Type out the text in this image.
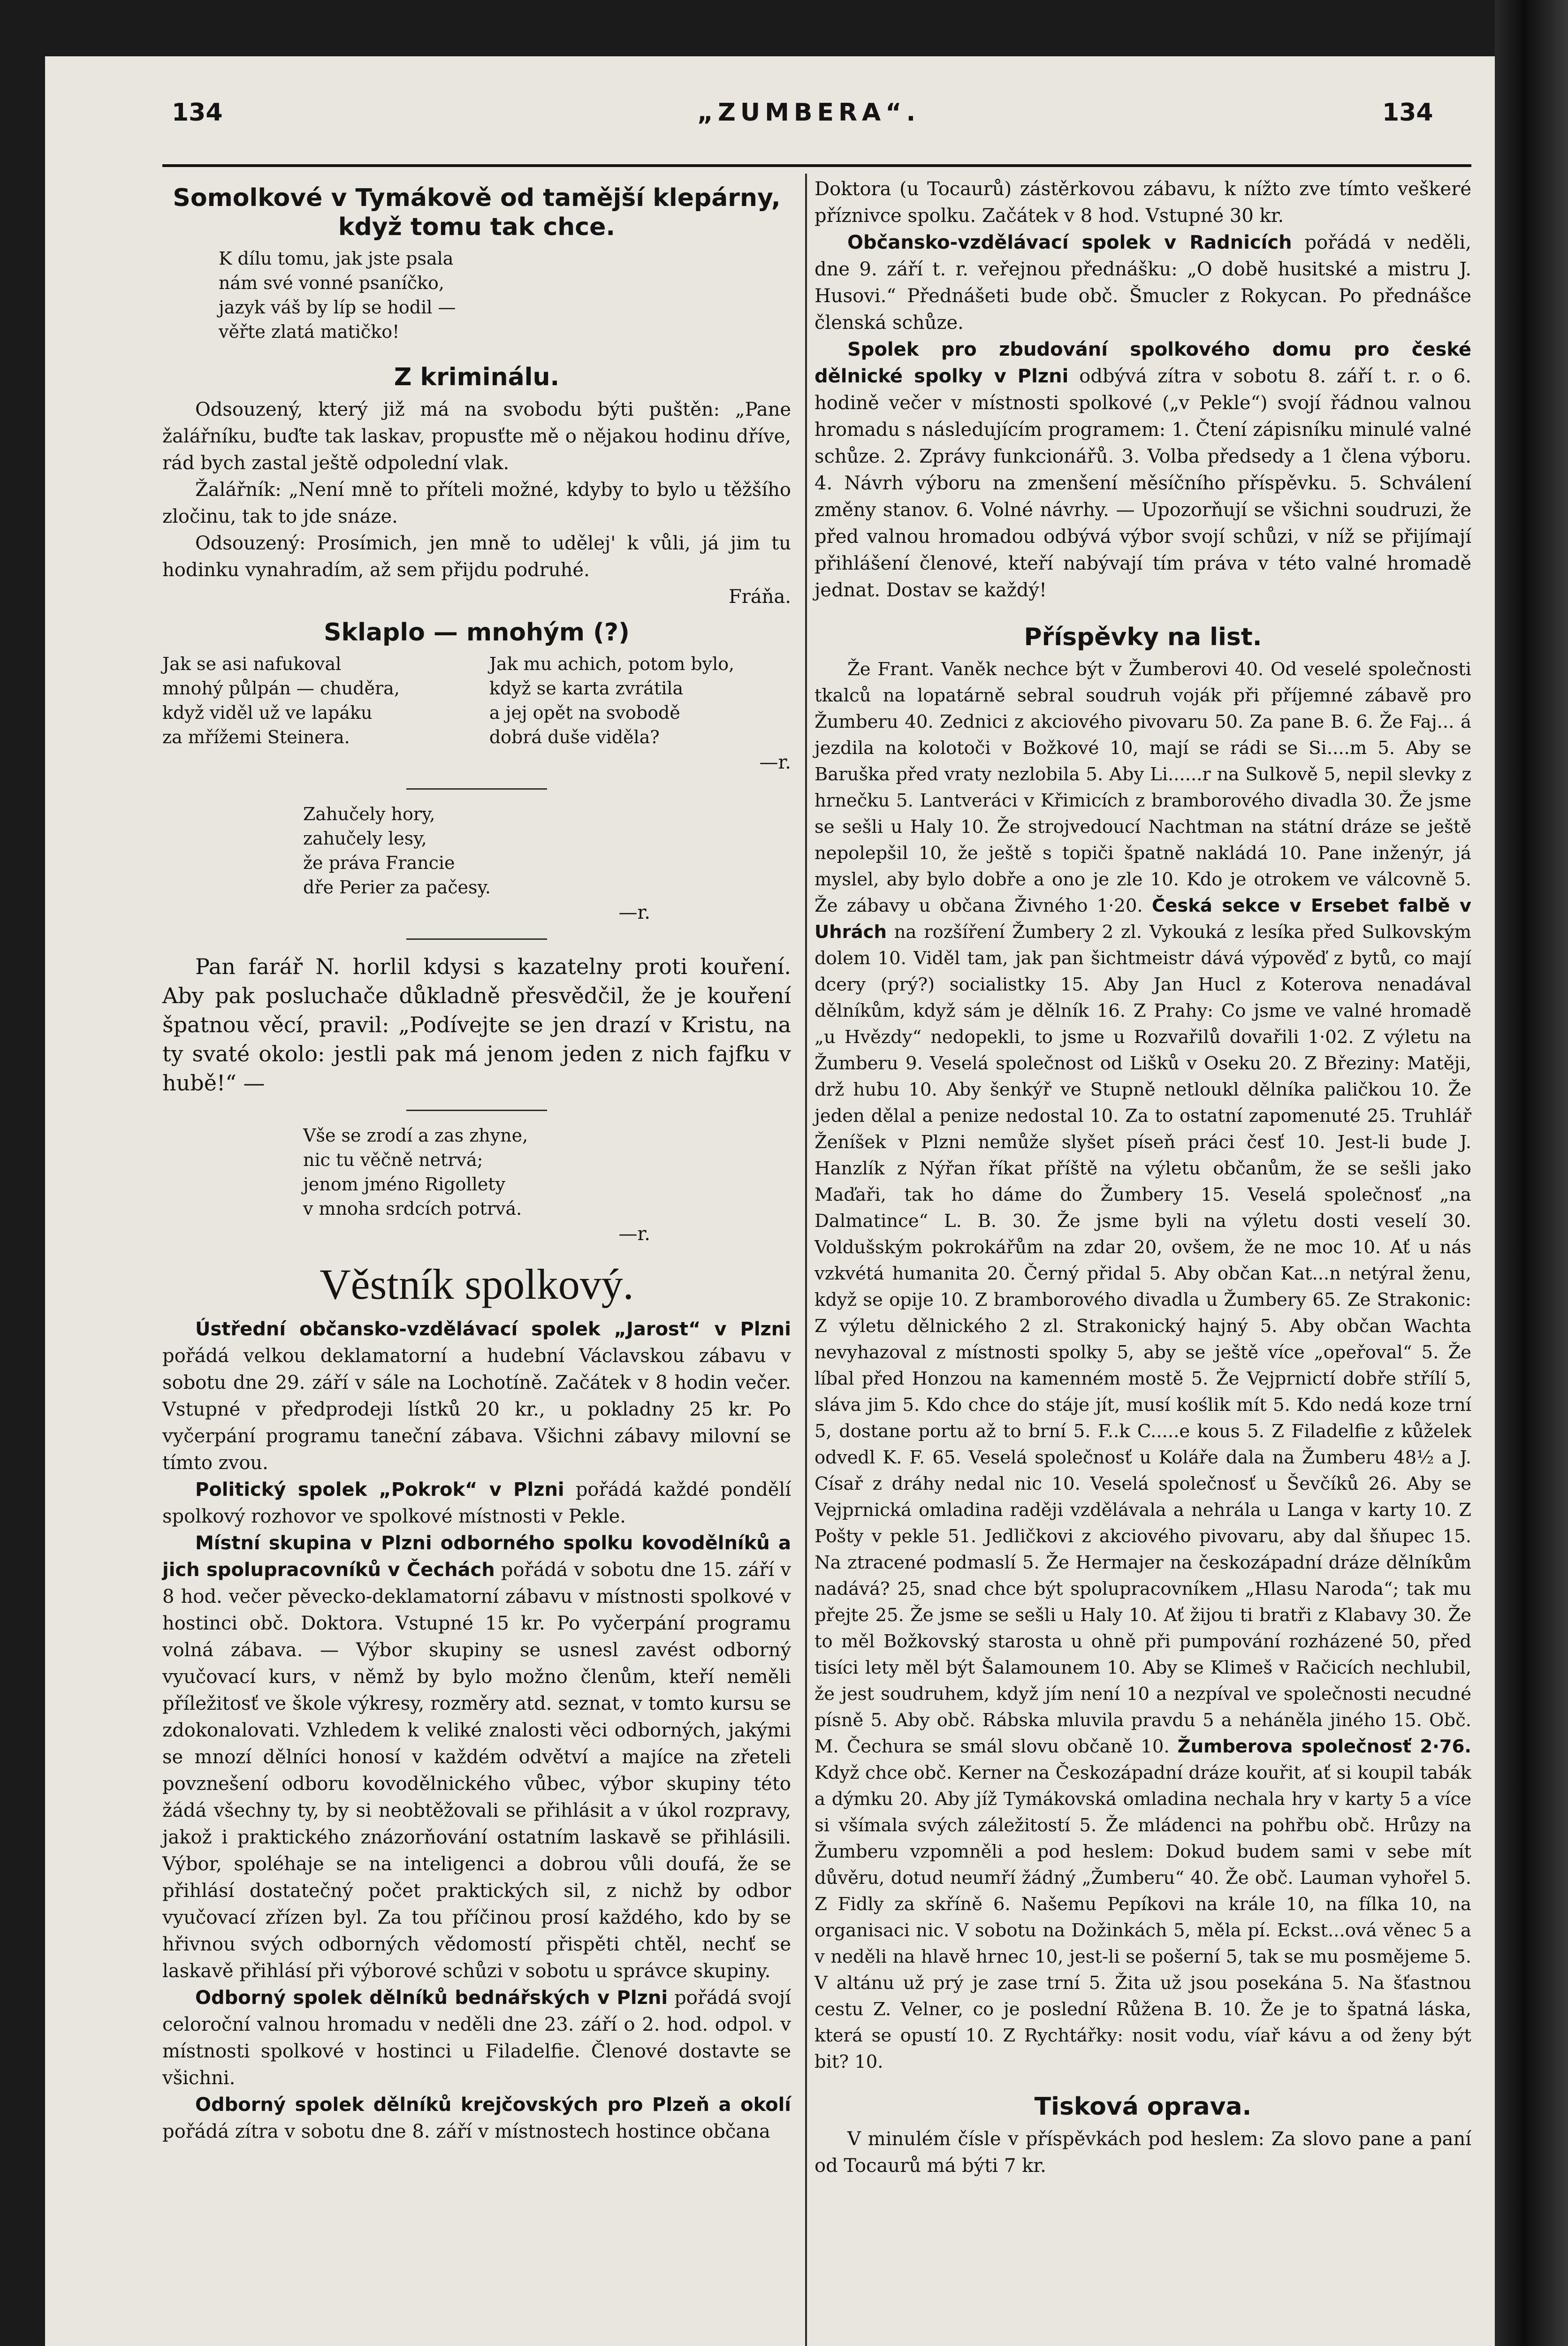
134	„ZUMBERA“.	134
Somolkové v Tymákově od tamější klepárny, když tomu tak chce.
K dílu tomu, jak jste psala
nám své vonné psaníčko,
jazyk váš by líp se hodil —
věřte zlatá matičko!
Z kriminálu.

Odsouzený, který již má na svobodu býti puštěn: „Pane žalářníku, buďte tak laskav, propusťte mě o nějakou hodinu dříve, rád bych zastal ještě odpolední vlak.

Žalářník: „Není mně to příteli možné, kdyby to bylo u těžšího zločinu, tak to jde snáze.

Odsouzený: Prosímich, jen mně to udělej' k vůli, já jim tu hodinku vynahradím, až sem přijdu podruhé.

Fráňa.

Sklaplo — mnohým (?)
Jak se asi nafukoval
mnohý půlpán — chuděra,
když viděl už ve lapáku
za mřížemi Steinera.
Jak mu achich, potom bylo,
když se karta zvrátila
a jej opět na svobodě
dobrá duše viděla?

—r.

Zahučely hory,
zahučely lesy,
že práva Francie
dře Perier za pačesy.

—r.

Pan farář N. horlil kdysi s kazatelny proti kouření. Aby pak posluchače důkladně přesvědčil, že je kouření špatnou věcí, pravil: „Podívejte se jen drazí v Kristu, na ty svaté okolo: jestli pak má jenom jeden z nich fajfku v hubě!“ —

Vše se zrodí a zas zhyne,
nic tu věčně netrvá;
jenom jméno Rigollety
v mnoha srdcích potrvá.

—r.

Věstník spolkový.

Ústřední občansko-vzdělávací spolek „Jarost“ v Plzni pořádá velkou deklamatorní a hudební Václavskou zábavu v sobotu dne 29. září v sále na Lochotíně. Začátek v 8 hodin večer. Vstupné v předprodeji lístků 20 kr., u pokladny 25 kr. Po vyčerpání programu taneční zábava. Všichni zábavy milovní se tímto zvou.

Politický spolek „Pokrok“ v Plzni pořádá každé pondělí spolkový rozhovor ve spolkové místnosti v Pekle.

Místní skupina v Plzni odborného spolku kovodělníků a jich spolupracovníků v Čechách pořádá v sobotu dne 15. září v 8 hod. večer pěvecko-deklamatorní zábavu v místnosti spolkové v hostinci obč. Doktora. Vstupné 15 kr. Po vyčerpání programu volná zábava. — Výbor skupiny se usnesl zavést odborný vyučovací kurs, v němž by bylo možno členům, kteří neměli příležitosť ve škole výkresy, rozměry atd. seznat, v tomto kursu se zdokonalovati. Vzhledem k veliké znalosti věci odborných, jakými se mnozí dělníci honosí v každém odvětví a majíce na zřeteli povznešení odboru kovodělnického vůbec, výbor skupiny této žádá všechny ty, by si neobtěžovali se přihlásit a v úkol rozpravy, jakož i praktického znázorňování ostatním laskavě se přihlásili. Výbor, spoléhaje se na inteligenci a dobrou vůli doufá, že se přihlásí dostatečný počet praktických sil, z nichž by odbor vyučovací zřízen byl. Za tou příčinou prosí každého, kdo by se hřivnou svých odborných vědomostí přispěti chtěl, nechť se laskavě přihlásí při výborové schůzi v sobotu u správce skupiny.

Odborný spolek dělníků bednářských v Plzni pořádá svojí celoroční valnou hromadu v neděli dne 23. září o 2. hod. odpol. v místnosti spolkové v hostinci u Filadelfie. Členové dostavte se všichni.

Odborný spolek dělníků krejčovských pro Plzeň a okolí pořádá zítra v sobotu dne 8. září v místnostech hostince občana

Doktora (u Tocaurů) zástěrkovou zábavu, k nížto zve tímto veškeré příznivce spolku. Začátek v 8 hod. Vstupné 30 kr.

Občansko-vzdělávací spolek v Radnicích pořádá v neděli, dne 9. září t. r. veřejnou přednášku: „O době husitské a mistru J. Husovi.“ Přednášeti bude obč. Šmucler z Rokycan. Po přednášce členská schůze.

Spolek pro zbudování spolkového domu pro české dělnické spolky v Plzni odbývá zítra v sobotu 8. září t. r. o 6. hodině večer v místnosti spolkové („v Pekle“) svojí řádnou valnou hromadu s následujícím programem: 1. Čtení zápisníku minulé valné schůze. 2. Zprávy funkcionářů. 3. Volba předsedy a 1 člena výboru. 4. Návrh výboru na zmenšení měsíčního příspěvku. 5. Schválení změny stanov. 6. Volné návrhy. — Upozorňují se všichni soudruzi, že před valnou hromadou odbývá výbor svojí schůzi, v níž se přijímají přihlášení členové, kteří nabývají tím práva v této valné hromadě jednat. Dostav se každý!

Příspěvky na list.

Že Frant. Vaněk nechce být v Žumberovi 40. Od veselé společnosti tkalců na lopatárně sebral soudruh voják při příjemné zábavě pro Žumberu 40. Zednici z akciového pivovaru 50. Za pane B. 6. Že Faj... á jezdila na kolotoči v Božkové 10, mají se rádi se Si....m 5. Aby se Baruška před vraty nezlobila 5. Aby Li......r na Sulkově 5, nepil slevky z hrnečku 5. Lantveráci v Křimicích z bramborového divadla 30. Že jsme se sešli u Haly 10. Že strojvedoucí Nachtman na státní dráze se ještě nepolepšil 10, že ještě s topiči špatně nakládá 10. Pane inženýr, já myslel, aby bylo dobře a ono je zle 10. Kdo je otrokem ve válcovně 5. Že zábavy u občana Živného 1·20. Česká sekce v Ersebet falbě v Uhrách na rozšíření Žumbery 2 zl. Vykouká z lesíka před Sulkovským dolem 10. Viděl tam, jak pan šichtmeistr dává výpověď z bytů, co mají dcery (prý?) socialistky 15. Aby Jan Hucl z Koterova nenadával dělníkům, když sám je dělník 16. Z Prahy: Co jsme ve valné hromadě „u Hvězdy“ nedopekli, to jsme u Rozvařilů dovařili 1·02. Z výletu na Žumberu 9. Veselá společnost od Lišků v Oseku 20. Z Březiny: Matěji, drž hubu 10. Aby šenkýř ve Stupně netloukl dělníka paličkou 10. Že jeden dělal a penize nedostal 10. Za to ostatní zapomenuté 25. Truhlář Ženíšek v Plzni nemůže slyšet píseň práci česť 10. Jest-li bude J. Hanzlík z Nýřan říkat příště na výletu občanům, že se sešli jako Maďaři, tak ho dáme do Žumbery 15. Veselá společnosť „na Dalmatince“ L. B. 30. Že jsme byli na výletu dosti veselí 30. Voldušským pokrokářům na zdar 20, ovšem, že ne moc 10. Ať u nás vzkvétá humanita 20. Černý přidal 5. Aby občan Kat...n netýral ženu, když se opije 10. Z bramborového divadla u Žumbery 65. Ze Strakonic: Z výletu dělnického 2 zl. Strakonický hajný 5. Aby občan Wachta nevyhazoval z místnosti spolky 5, aby se ještě více „opeřoval“ 5. Že líbal před Honzou na kamenném mostě 5. Že Vejprnictí dobře střílí 5, sláva jim 5. Kdo chce do stáje jít, musí koślik mít 5. Kdo nedá koze trní 5, dostane portu až to brní 5. F..k C.....e kous 5. Z Filadelfie z kůželek odvedl K. F. 65. Veselá společnosť u Koláře dala na Žumberu 48½ a J. Císař z dráhy nedal nic 10. Veselá společnosť u Ševčíků 26. Aby se Vejprnická omladina raději vzdělávala a nehrála u Langa v karty 10. Z Pošty v pekle 51. Jedličkovi z akciového pivovaru, aby dal šňupec 15. Na ztracené podmaslí 5. Že Hermajer na českozápadní dráze dělníkům nadává? 25, snad chce být spolupracovníkem „Hlasu Naroda“; tak mu přejte 25. Že jsme se sešli u Haly 10. Ať žijou ti bratři z Klabavy 30. Že to měl Božkovský starosta u ohně při pumpování rozházené 50, před tisíci lety měl být Šalamounem 10. Aby se Klimeš v Račicích nechlubil, že jest soudruhem, když jím není 10 a nezpíval ve společnosti necudné písně 5. Aby obč. Rábska mluvila pravdu 5 a neháněla jiného 15. Obč. M. Čechura se smál slovu občaně 10. Žumberova společnosť 2·76. Když chce obč. Kerner na Českozápadní dráze kouřit, ať si koupil tabák a dýmku 20. Aby jíž Tymákovská omladina nechala hry v karty 5 a více si všímala svých záležitostí 5. Že mládenci na pohřbu obč. Hrůzy na Žumberu vzpomněli a pod heslem: Dokud budem sami v sebe mít důvěru, dotud neumří žádný „Žumberu“ 40. Že obč. Lauman vyhořel 5. Z Fidly za skříně 6. Našemu Pepíkovi na krále 10, na fílka 10, na organisaci nic. V sobotu na Dožinkách 5, měla pí. Eckst...ová věnec 5 a v neděli na hlavě hrnec 10, jest-li se pošerní 5, tak se mu posmějeme 5. V altánu už prý je zase trní 5. Žita už jsou posekána 5. Na šťastnou cestu Z. Velner, co je poslední Růžena B. 10. Že je to špatná láska, která se opustí 10. Z Rychtářky: nosit vodu, víař kávu a od ženy být bit? 10.

Tisková oprava.

V minulém čísle v příspěvkách pod heslem: Za slovo pane a paní od Tocaurů má býti 7 kr.
